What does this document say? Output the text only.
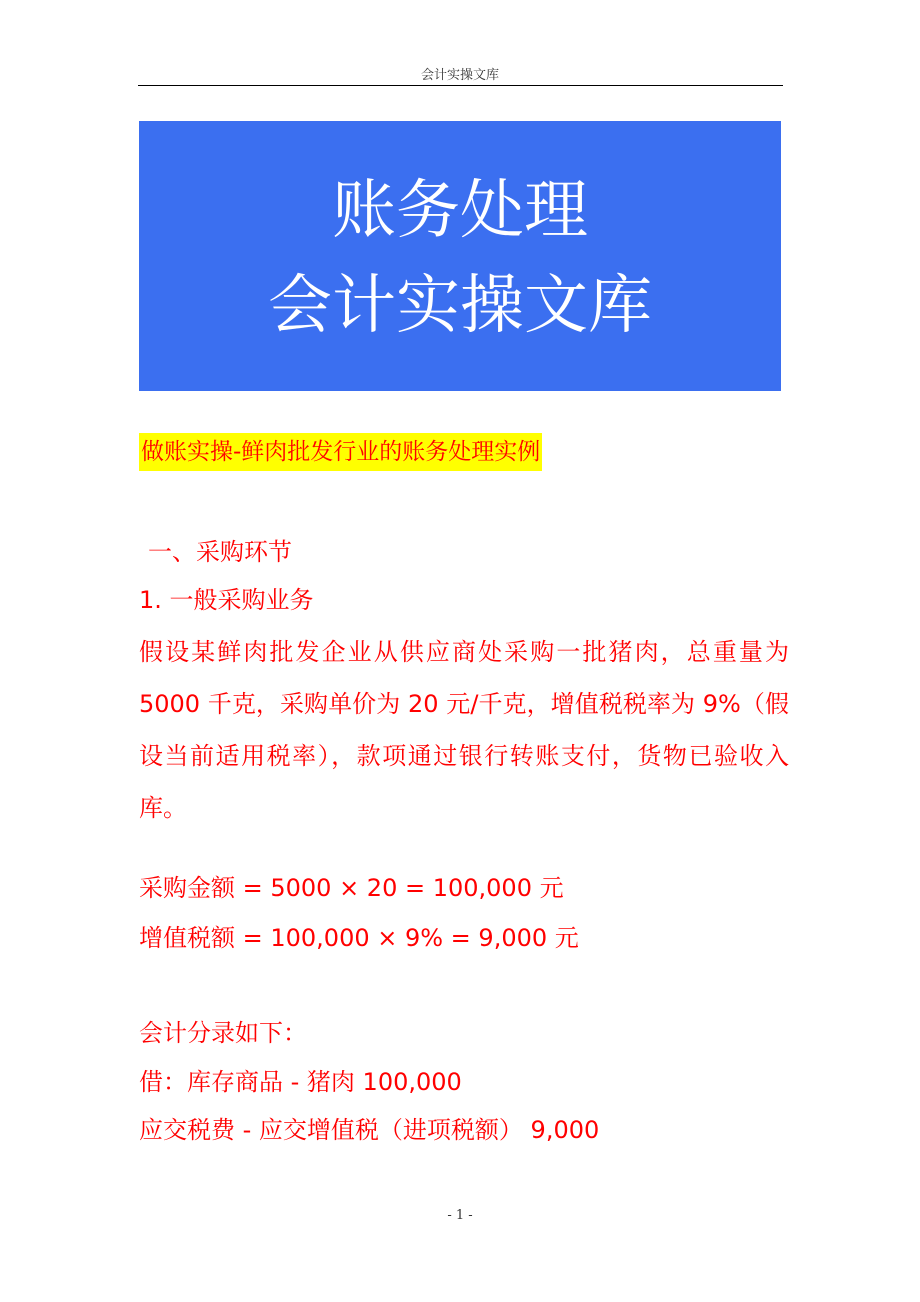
会计实操文库
账务处理
会计实操文库
做账实操-鲜肉批发行业的账务处理实例
一、采购环节
1. 一般采购业务
假设某鲜肉批发企业从供应商处采购一批猪肉，总重量为5000 千克，采购单价为 20 元/千克，增值税税率为 9%（假设当前适用税率），款项通过银行转账支付，货物已验收入库。
采购金额 = 5000 × 20 = 100,000 元
增值税额 = 100,000 × 9% = 9,000 元
会计分录如下：
借：库存商品 - 猪肉 100,000
应交税费 - 应交增值税（进项税额） 9,000
- 1 -
